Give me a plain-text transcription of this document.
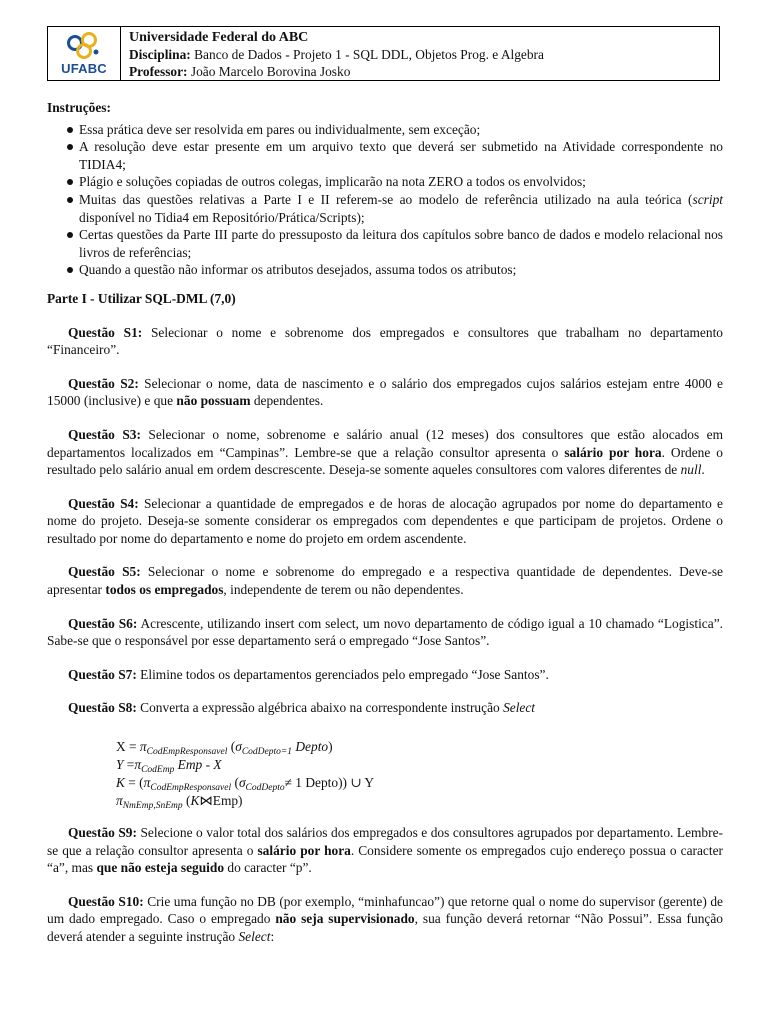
UFABC
Universidade Federal do ABC
Disciplina: Banco de Dados - Projeto 1 - SQL DDL, Objetos Prog. e Algebra
Professor: João Marcelo Borovina Josko

Instruções:

Essa prática deve ser resolvida em pares ou individualmente, sem exceção;
A resolução deve estar presente em um arquivo texto que deverá ser submetido na Atividade correspondente no TIDIA4;
Plágio e soluções copiadas de outros colegas, implicarão na nota ZERO a todos os envolvidos;
Muitas das questões relativas a Parte I e II referem-se ao modelo de referência utilizado na aula teórica (script disponível no Tidia4 em Repositório/Prática/Scripts);
Certas questões da Parte III parte do pressuposto da leitura dos capítulos sobre banco de dados e modelo relacional nos livros de referências;
Quando a questão não informar os atributos desejados, assuma todos os atributos;

Parte I - Utilizar SQL-DML (7,0)

Questão S1: Selecionar o nome e sobrenome dos empregados e consultores que trabalham no departamento “Financeiro”.

Questão S2: Selecionar o nome, data de nascimento e o salário dos empregados cujos salários estejam entre 4000 e 15000 (inclusive) e que não possuam dependentes.

Questão S3: Selecionar o nome, sobrenome e salário anual (12 meses) dos consultores que estão alocados em departamentos localizados em “Campinas”. Lembre-se que a relação consultor apresenta o salário por hora. Ordene o resultado pelo salário anual em ordem descrescente. Deseja-se somente aqueles consultores com valores diferentes de null.

Questão S4: Selecionar a quantidade de empregados e de horas de alocação agrupados por nome do departamento e nome do projeto. Deseja-se somente considerar os empregados com dependentes e que participam de projetos. Ordene o resultado por nome do departamento e nome do projeto em ordem ascendente.

Questão S5: Selecionar o nome e sobrenome do empregado e a respectiva quantidade de dependentes. Deve-se apresentar todos os empregados, independente de terem ou não dependentes.

Questão S6: Acrescente, utilizando insert com select, um novo departamento de código igual a 10 chamado “Logistica”. Sabe-se que o responsável por esse departamento será o empregado “Jose Santos”.

Questão S7: Elimine todos os departamentos gerenciados pelo empregado “Jose Santos”.

Questão S8: Converta a expressão algébrica abaixo na correspondente instrução Select

$X = \pi_{CodEmpResponsavel}$ ($\sigma_{CodDepto=1}$ Depto)
$Y =\pi_{CodEmp}$ Emp - X
$K = (\pi_{CodEmpResponsavel}$ ($\sigma_{CodDepto}\ne 1$ Depto)) ∪ Y
$\pi_{NmEmp,SnEmp}$ (K⋈Emp)

Questão S9: Selecione o valor total dos salários dos empregados e dos consultores agrupados por departamento. Lembre-se que a relação consultor apresenta o salário por hora. Considere somente os empregados cujo endereço possua o caracter “a”, mas que não esteja seguido do caracter “p”.

Questão S10: Crie uma função no DB (por exemplo, “minhafuncao”) que retorne qual o nome do supervisor (gerente) de um dado empregado. Caso o empregado não seja supervisionado, sua função deverá retornar “Não Possui”. Essa função deverá atender a seguinte instrução Select:
